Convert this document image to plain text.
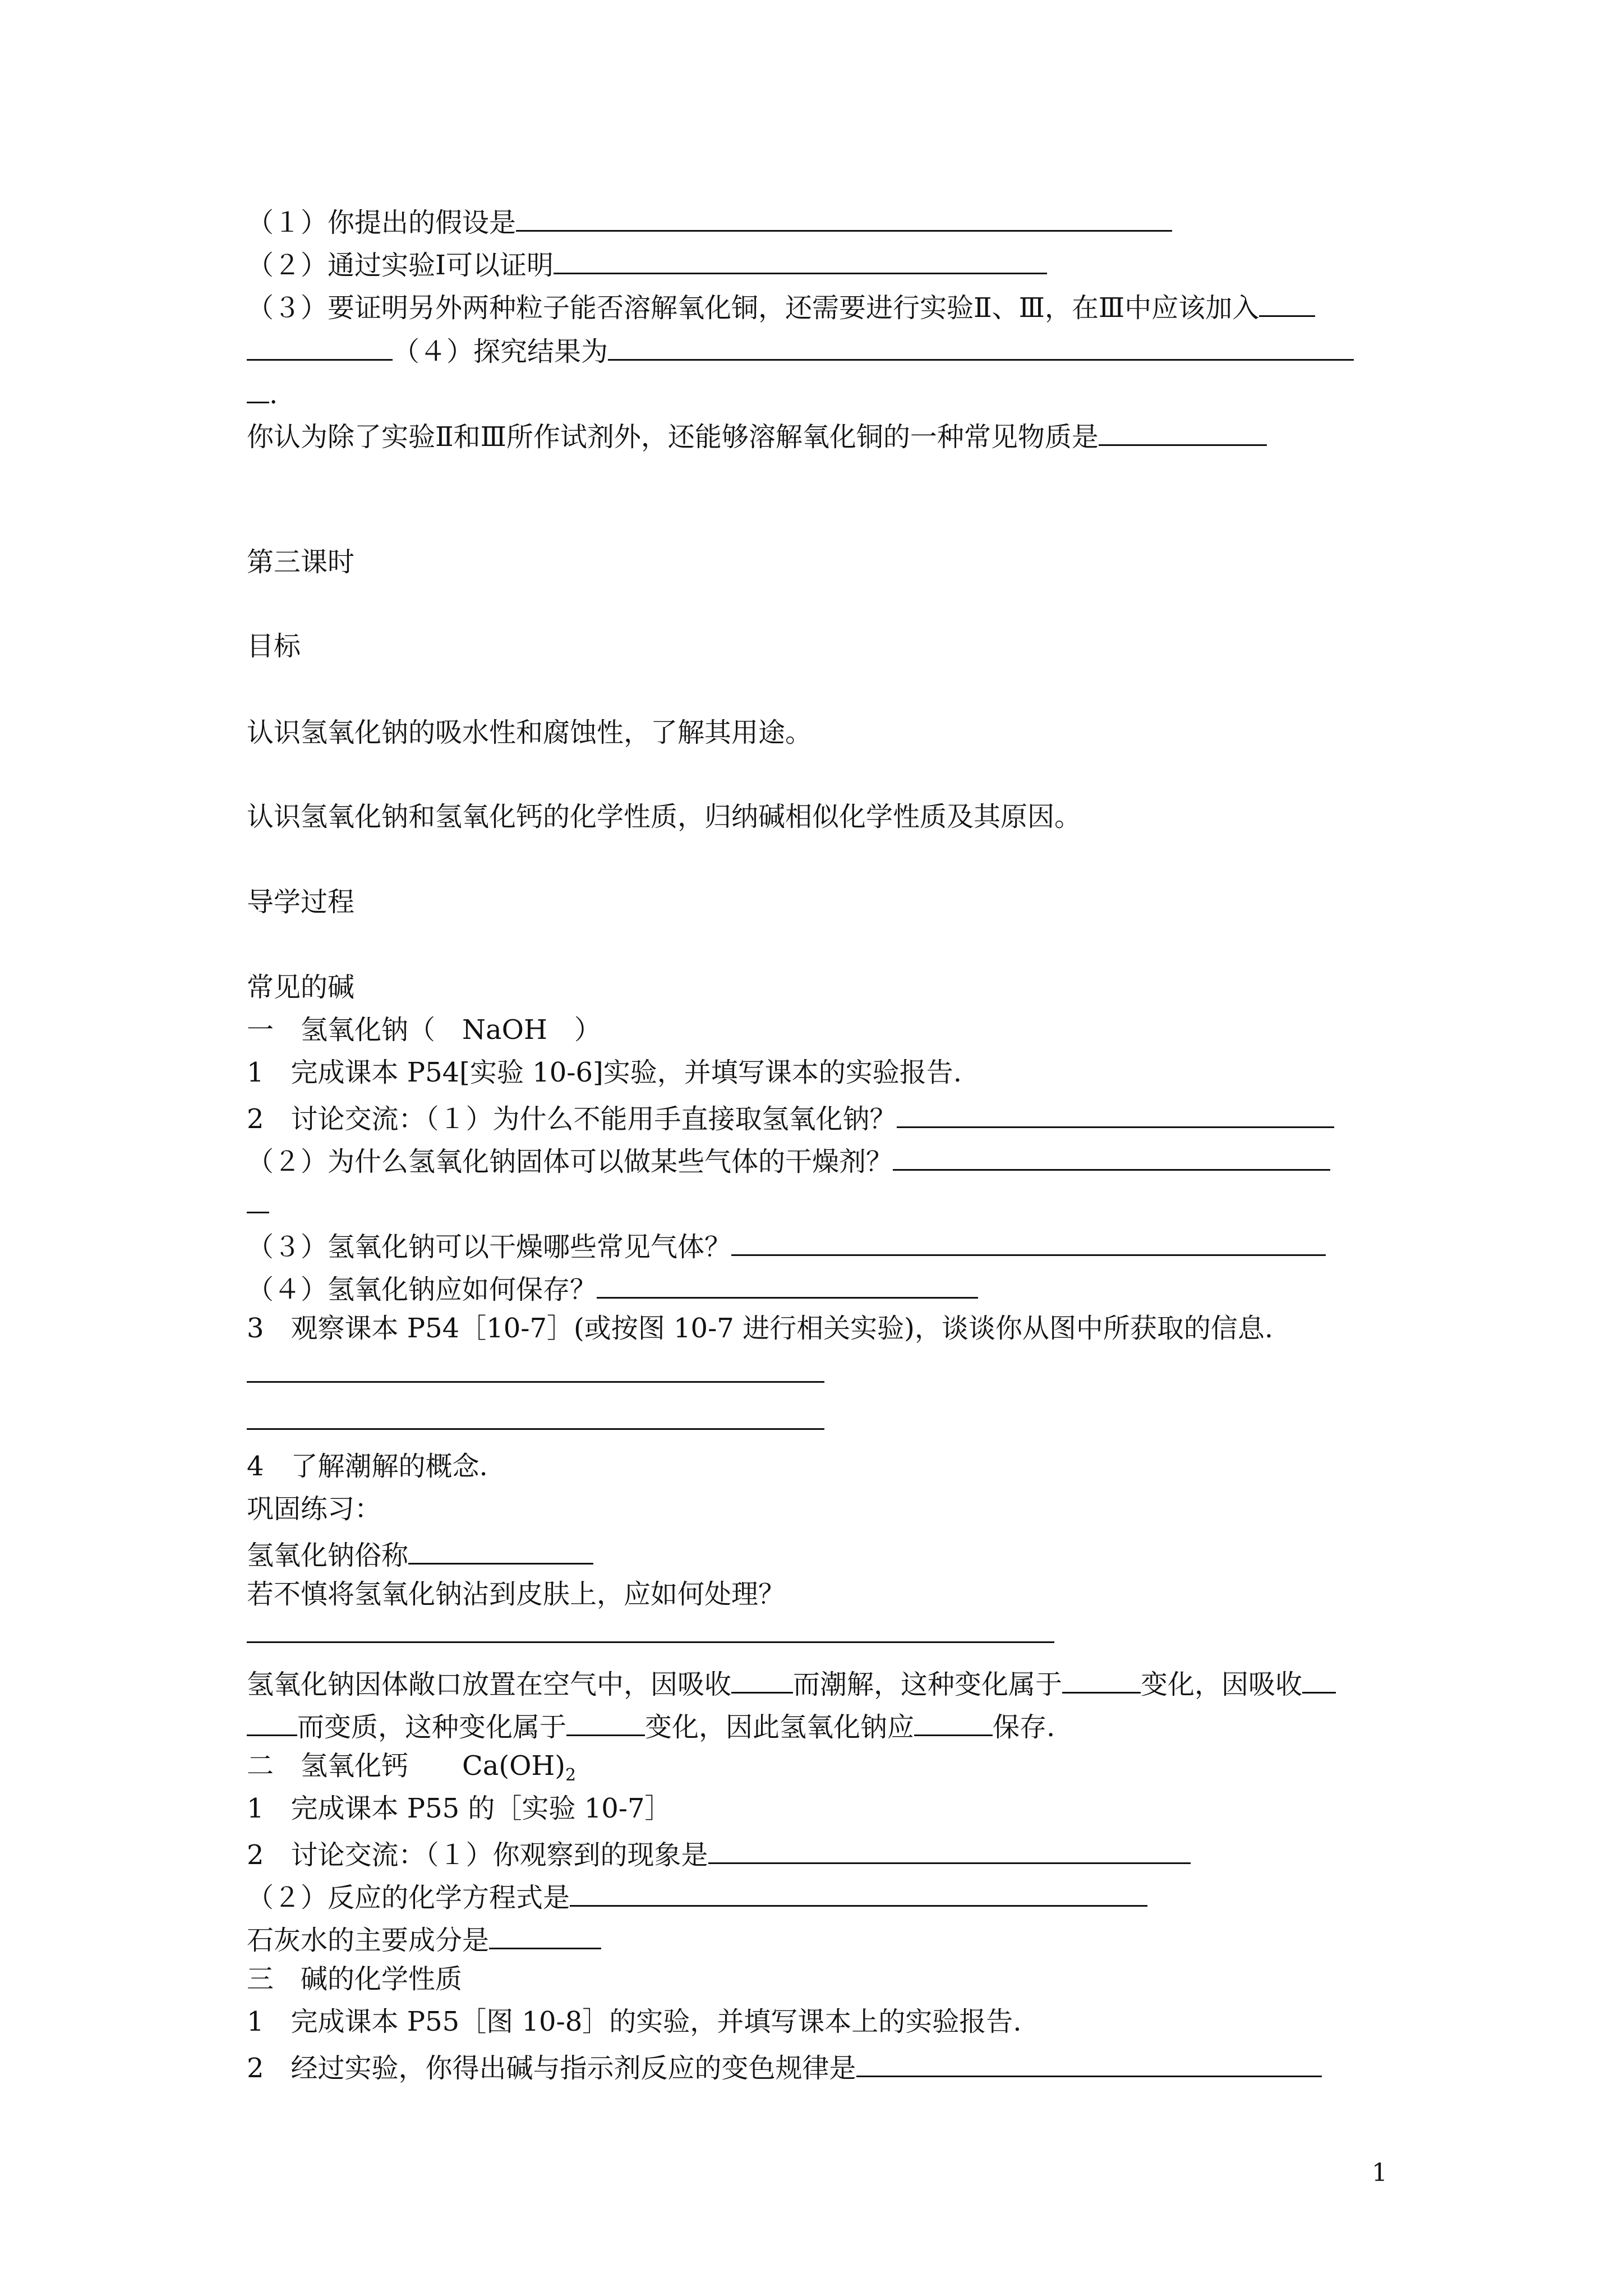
（１）你提出的假设是
（２）通过实验Ⅰ可以证明
（３）要证明另外两种粒子能否溶解氧化铜，还需要进行实验Ⅱ、Ⅲ，在Ⅲ中应该加入
（４）探究结果为
.
你认为除了实验Ⅱ和Ⅲ所作试剂外，还能够溶解氧化铜的一种常见物质是
第三课时
目标
认识氢氧化钠的吸水性和腐蚀性，了解其用途。
认识氢氧化钠和氢氧化钙的化学性质，归纳碱相似化学性质及其原因。
导学过程
常见的碱
一　氢氧化钠（　NaOH　）
1　完成课本 P54[实验 10-6]实验，并填写课本的实验报告.
2　讨论交流：（１）为什么不能用手直接取氢氧化钠？
（２）为什么氢氧化钠固体可以做某些气体的干燥剂？
（３）氢氧化钠可以干燥哪些常见气体？
（４）氢氧化钠应如何保存？
3　观察课本 P54［10-7］(或按图 10-7 进行相关实验)，谈谈你从图中所获取的信息.
4　了解潮解的概念.
巩固练习：
氢氧化钠俗称
若不慎将氢氧化钠沾到皮肤上，应如何处理？
氢氧化钠因体敞口放置在空气中，因吸收 而潮解，这种变化属于	变化，因吸收
而变质，这种变化属于	变化，因此氢氧化钠应	保存.
二　氢氧化钙　　$Ca(OH)_2$
1　完成课本 P55 的［实验 10-7］
2　讨论交流：（１）你观察到的现象是
（２）反应的化学方程式是
石灰水的主要成分是
三　碱的化学性质
1　完成课本 P55［图 10-8］的实验，并填写课本上的实验报告.
2　经过实验，你得出碱与指示剂反应的变色规律是
1
